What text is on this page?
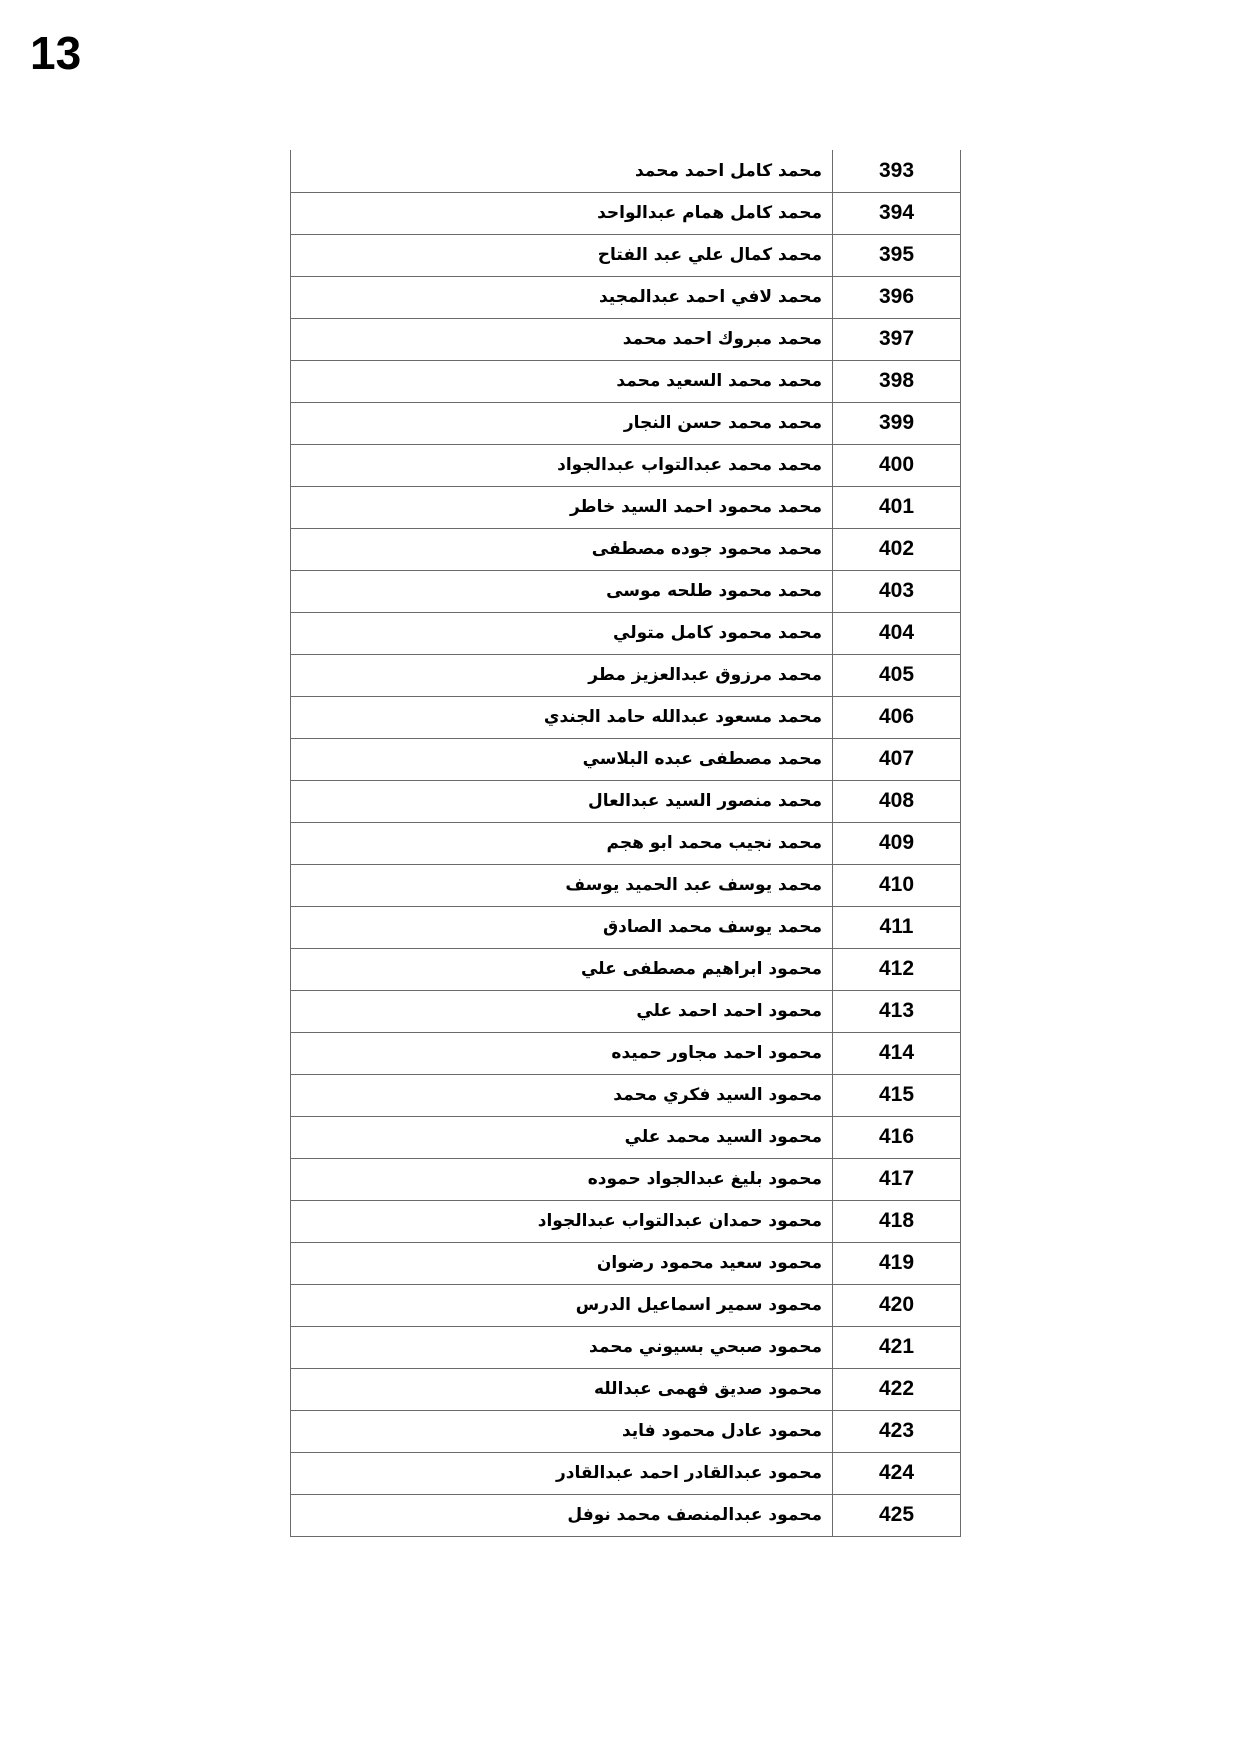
13
393	محمد كامل احمد محمد
394	محمد كامل همام عبدالواحد
395	محمد كمال علي عبد الفتاح
396	محمد لافي احمد عبدالمجيد
397	محمد مبروك احمد محمد
398	محمد محمد السعيد محمد
399	محمد محمد حسن النجار
400	محمد محمد عبدالتواب عبدالجواد
401	محمد محمود احمد السيد خاطر
402	محمد محمود جوده مصطفى
403	محمد محمود طلحه موسى
404	محمد محمود كامل متولي
405	محمد مرزوق عبدالعزيز مطر
406	محمد مسعود عبدالله حامد الجندي
407	محمد مصطفى عبده البلاسي
408	محمد منصور السيد عبدالعال
409	محمد نجيب محمد ابو هجم
410	محمد يوسف عبد الحميد يوسف
411	محمد يوسف محمد الصادق
412	محمود ابراهيم مصطفى علي
413	محمود احمد احمد علي
414	محمود احمد مجاور حميده
415	محمود السيد فكري محمد
416	محمود السيد محمد علي
417	محمود بليغ عبدالجواد حموده
418	محمود حمدان عبدالتواب عبدالجواد
419	محمود سعيد محمود رضوان
420	محمود سمير اسماعيل الدرس
421	محمود صبحي بسيوني محمد
422	محمود صديق فهمى عبدالله
423	محمود عادل محمود فايد
424	محمود عبدالقادر احمد عبدالقادر
425	محمود عبدالمنصف محمد نوفل
